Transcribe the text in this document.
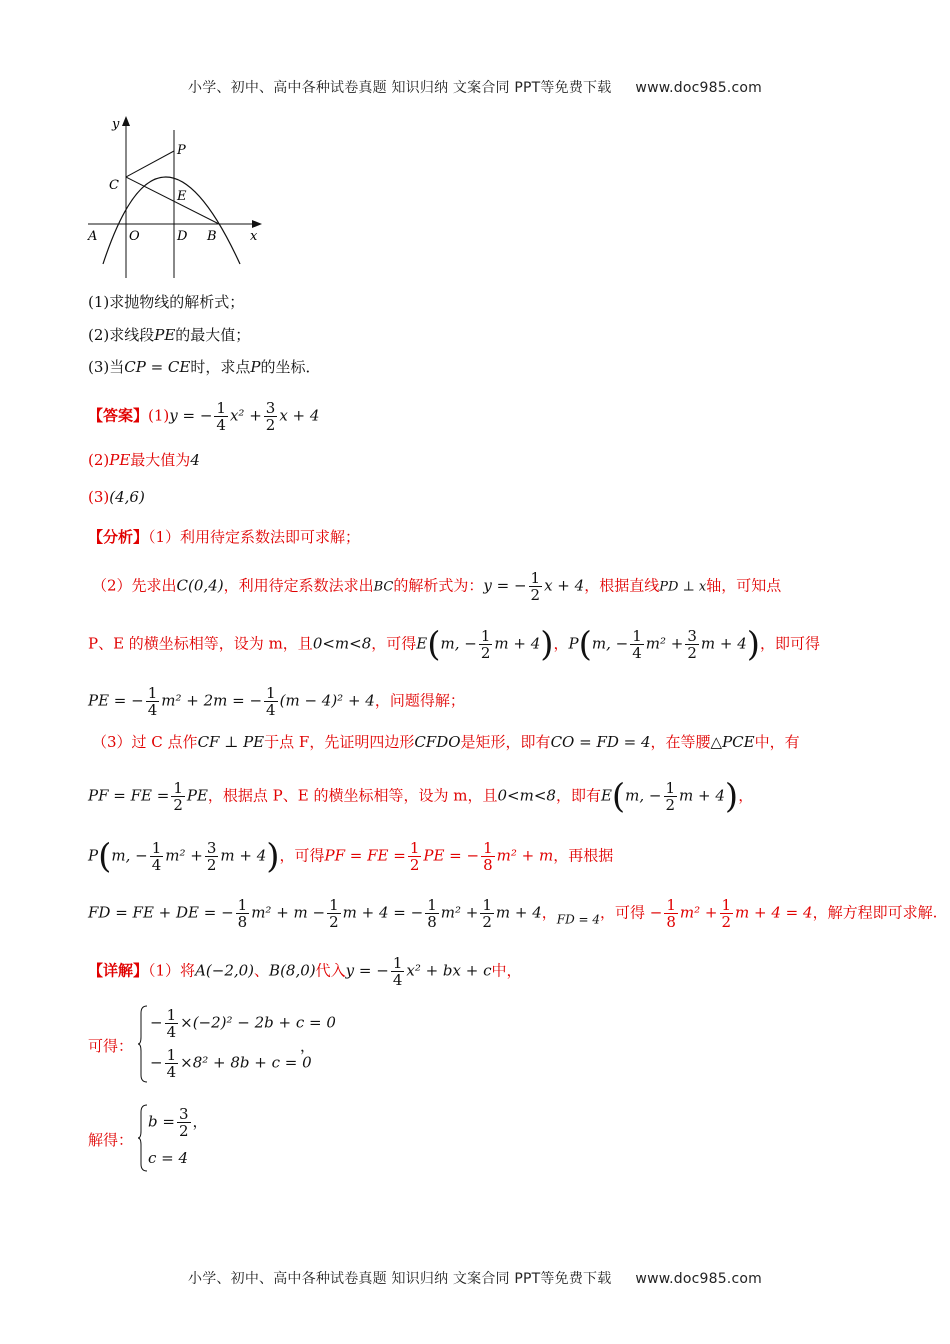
小学、初中、高中各种试卷真题 知识归纳 文案合同 PPT等免费下载 www.doc985.com
y
x
P
C
E
A O	D B
(1)求抛物线的解析式；
(2)求线段PE的最大值；
(3)当CP = CE时，求点P的坐标．
【答案】(1)y = − $\frac{1}{4} x^2 + \frac{3}{2}$ x + 4
(2)PE最大值为4
(3)(4,6)
【分析】（1）利用待定系数法即可求解；
（2）先求出C(0,4)，利用待定系数法求出BC的解析式为：y = − $\frac{1}{2}$ x + 4，根据直线PD ⊥ x轴，可知点
P、E 的横坐标相等，设为 m，且0<m<8，可得E(m, − $\frac{1}{2}$ m + 4)，P(m, − $\frac{1}{4} m^2 + \frac{3}{2}$ m + 4)，即可得
PE = − $\frac{1}{4} m^2 + 2m$ = − $\frac{1}{4} (m - 4)^2 + 4$，问题得解；
（3）过 C 点作CF ⊥ PE于点 F，先证明四边形CFDO是矩形，即有CO = FD = 4，在等腰△PCE中，有
PF = FE = $\frac{1}{2}$ PE，根据点 P、E 的横坐标相等，设为 m，且0<m<8，即有E(m, − $\frac{1}{2}$ m + 4)，
P(m, − $\frac{1}{4} m^2 + \frac{3}{2}$ m + 4)，可得PF = FE = $\frac{1}{2}$ PE = − $\frac{1}{8} m^2 + m$，再根据
FD = FE + DE = − $\frac{1}{8} m^2 + m - \frac{1}{2}$ m + 4 = − $\frac{1}{8} m^2 + \frac{1}{2}$ m + 4，$_{FD = 4}$，可得 − $\frac{1}{8} m^2 + \frac{1}{2}$ m + 4 = 4，解方程即可求解.
【详解】（1）将A(−2,0)、B(8,0)代入y = − $\frac{1}{4} x^2$ + bx + c中，
可得：
− $\frac{1}{4} \times(-2)^2 - 2b + c = 0$
− $\frac{1}{4} \times 8^2 + 8b + c = 0$
，
解得：
$b = \frac{3}{2}$ ，
c = 4
小学、初中、高中各种试卷真题 知识归纳 文案合同 PPT等免费下载 www.doc985.com
